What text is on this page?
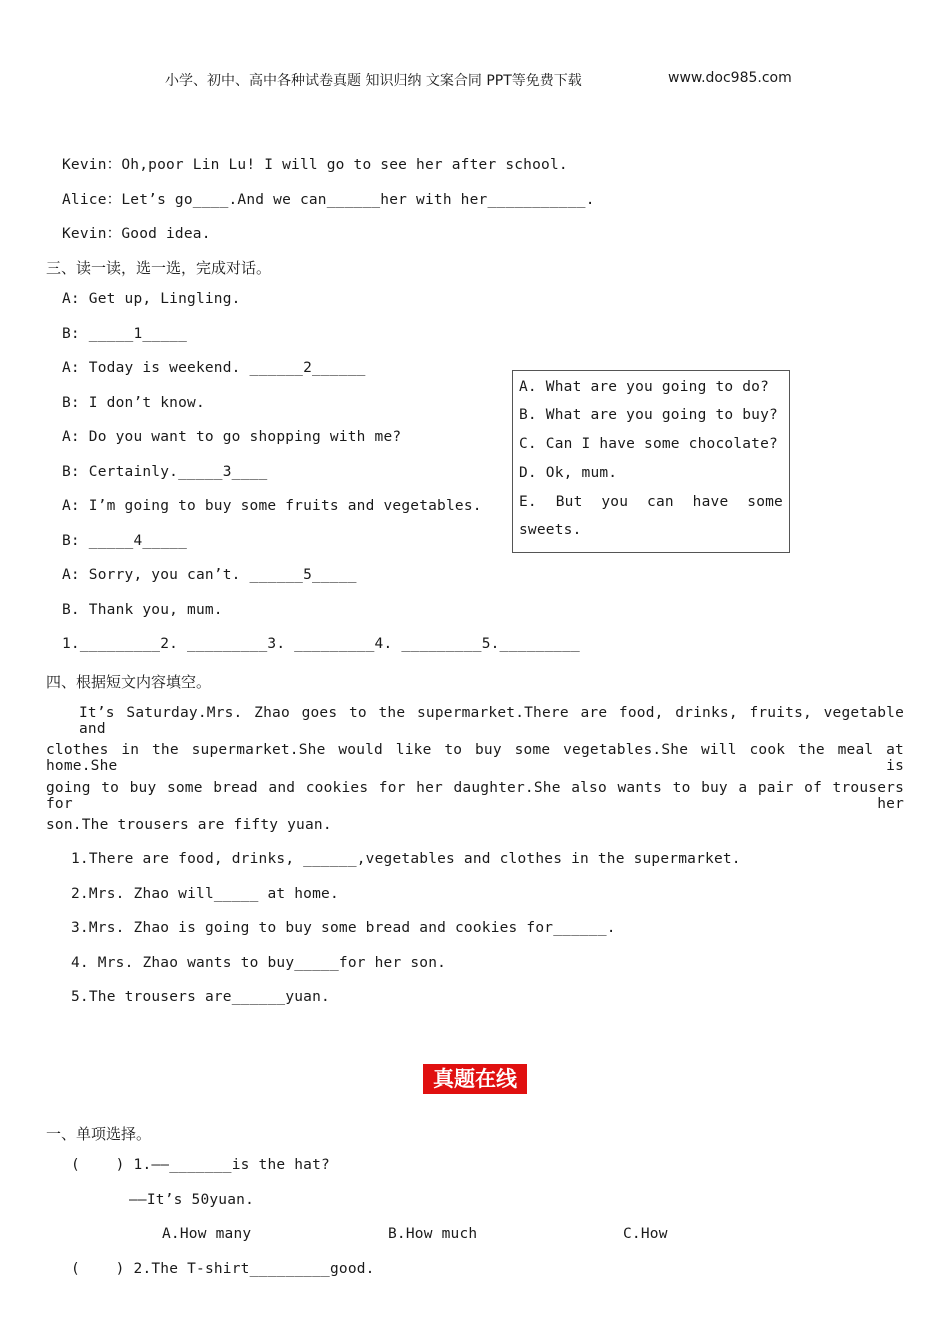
小学、初中、高中各种试卷真题 知识归纳 文案合同 PPT等免费下载	www.doc985.com
Kevin：Oh,poor Lin Lu! I will go to see her after school.
Alice：Let’s go____.And we can______her with her___________.
Kevin：Good idea.
三、读一读，选一选，完成对话。
A: Get up, Lingling.
B: _____1_____
A: Today is weekend. ______2______
B: I don’t know.
A: Do you want to go shopping with me?
B: Certainly._____3____
A: I’m going to buy some fruits and vegetables.
B: _____4_____
A: Sorry, you can’t. ______5_____
B. Thank you, mum.
1._________2. _________3. _________4. _________5._________
A. What are you going to do?
B. What are you going to buy?
C. Can I have some chocolate?
D. Ok, mum.
E. But you can have some
sweets.
四、根据短文内容填空。
It’s Saturday.Mrs. Zhao goes to the supermarket.There are food, drinks, fruits, vegetable and
clothes in the supermarket.She would like to buy some vegetables.She will cook the meal at home.She is
going to buy some bread and cookies for her daughter.She also wants to buy a pair of trousers for her
son.The trousers are fifty yuan.
1.There are food, drinks, ______,vegetables and clothes in the supermarket.
2.Mrs. Zhao will_____ at home.
3.Mrs. Zhao is going to buy some bread and cookies for______.
4. Mrs. Zhao wants to buy_____for her son.
5.The trousers are______yuan.
真题在线
一、单项选择。
(    ) 1.——_______is the hat?
——It’s 50yuan.
A.How many	B.How much	C.How
(    ) 2.The T-shirt_________good.
